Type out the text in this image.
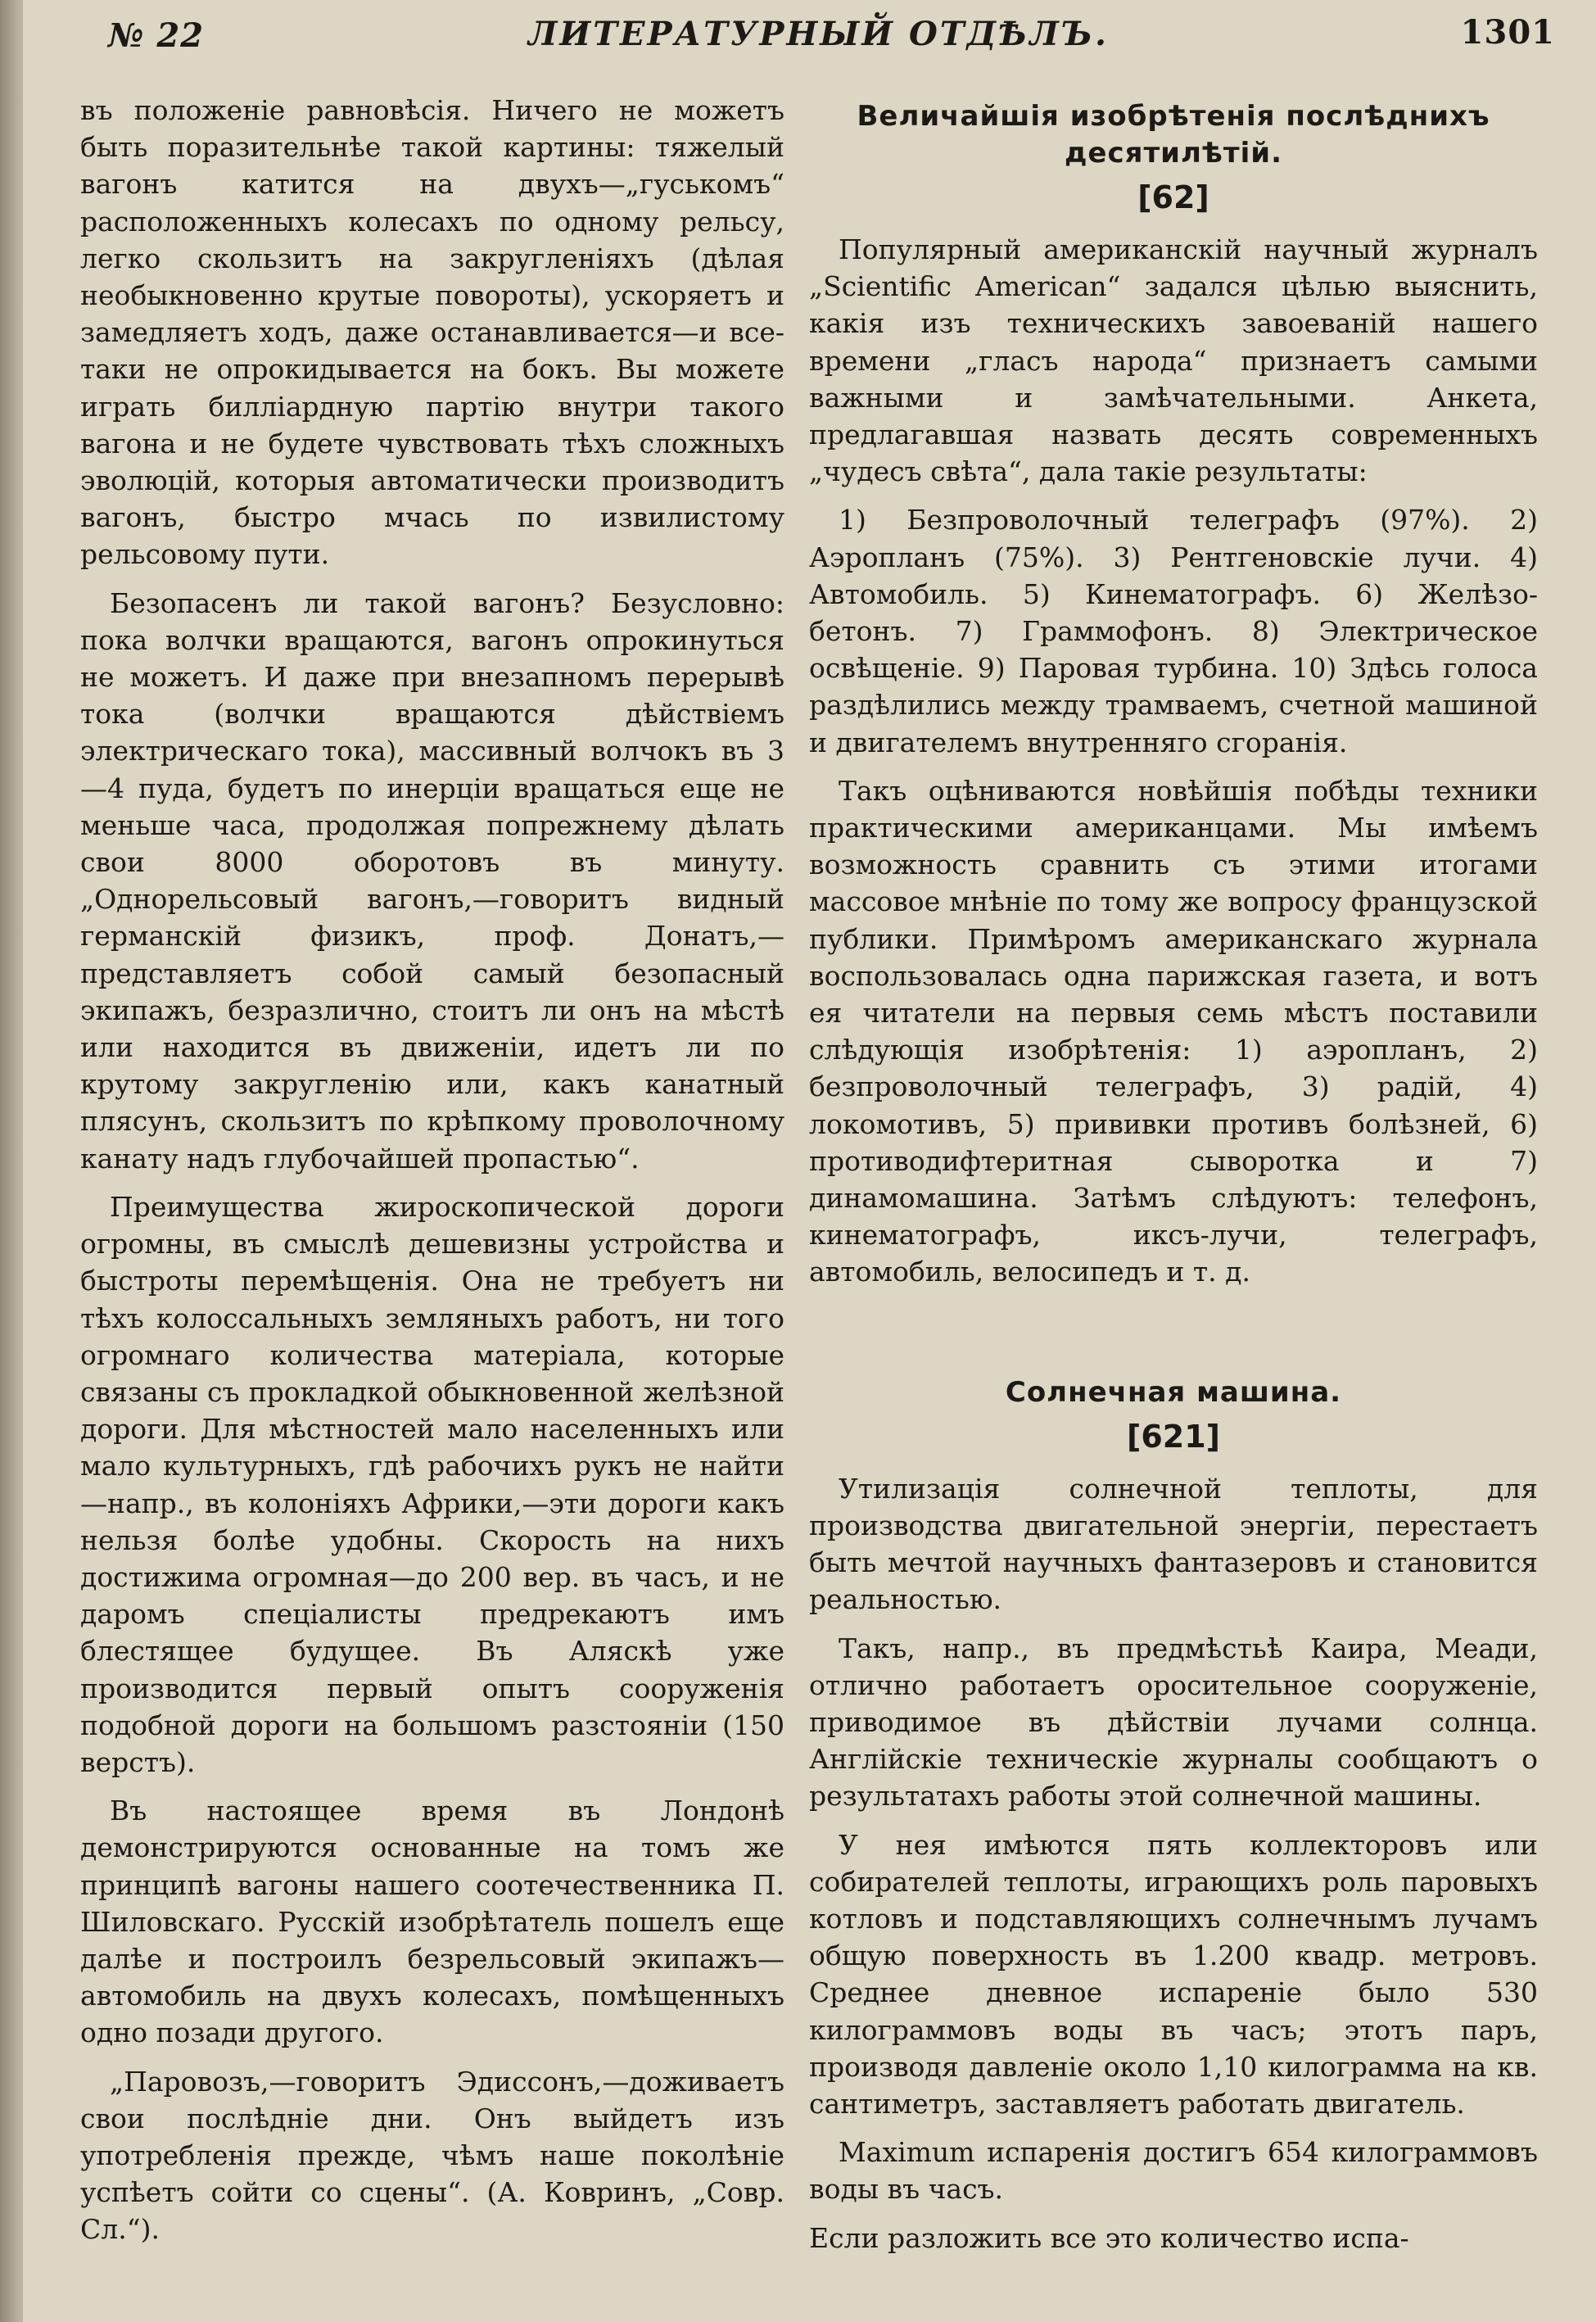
№ 22	ЛИТЕРАТУРНЫЙ ОТДѢЛЪ.	1301

въ положеніе равновѣсія. Ничего не можетъ быть поразительнѣе такой картины: тяжелый вагонъ катится на двухъ—„гуськомъ“ расположенныхъ колесахъ по одному рельсу, легко скользитъ на закругленіяхъ (дѣлая необыкновенно крутые повороты), ускоряетъ и замедляетъ ходъ, даже останавливается—и все-таки не опрокидывается на бокъ. Вы можете играть билліардную партію внутри такого вагона и не будете чувствовать тѣхъ сложныхъ эволюцій, которыя автоматически производитъ вагонъ, быстро мчась по извилистому рельсовому пути.

Безопасенъ ли такой вагонъ? Безусловно: пока волчки вращаются, вагонъ опрокинуться не можетъ. И даже при внезапномъ перерывѣ тока (волчки вращаются дѣйствіемъ электрическаго тока), массивный волчокъ въ 3—4 пуда, будетъ по инерціи вращаться еще не меньше часа, продолжая попрежнему дѣлать свои 8000 оборотовъ въ минуту. „Однорельсовый вагонъ,—говоритъ видный германскій физикъ, проф. Донатъ,—представляетъ собой самый безопасный экипажъ, безразлично, стоитъ ли онъ на мѣстѣ или находится въ движеніи, идетъ ли по крутому закругленію или, какъ канатный плясунъ, скользитъ по крѣпкому проволочному канату надъ глубочайшей пропастью“.

Преимущества жироскопической дороги огромны, въ смыслѣ дешевизны устройства и быстроты перемѣщенія. Она не требуетъ ни тѣхъ колоссальныхъ земляныхъ работъ, ни того огромнаго количества матеріала, которые связаны съ прокладкой обыкновенной желѣзной дороги. Для мѣстностей мало населенныхъ или мало культурныхъ, гдѣ рабочихъ рукъ не найти—напр., въ колоніяхъ Африки,—эти дороги какъ нельзя болѣе удобны. Скорость на нихъ достижима огромная—до 200 вер. въ часъ, и не даромъ спеціалисты предрекаютъ имъ блестящее будущее. Въ Аляскѣ уже производится первый опытъ сооруженія подобной дороги на большомъ разстояніи (150 верстъ).

Въ настоящее время въ Лондонѣ демонстрируются основанные на томъ же принципѣ вагоны нашего соотечественника П. Шиловскаго. Русскій изобрѣтатель пошелъ еще далѣе и построилъ безрельсовый экипажъ—автомобиль на двухъ колесахъ, помѣщенныхъ одно позади другого.

„Паровозъ,—говоритъ Эдиссонъ,—доживаетъ свои послѣдніе дни. Онъ выйдетъ изъ употребленія прежде, чѣмъ наше поколѣніе успѣетъ сойти со сцены“. (А. Ковринъ, „Совр. Сл.“).

Величайшія изобрѣтенія послѣднихъ десятилѣтій.
[62]

Популярный американскій научный журналъ „Scientific American“ задался цѣлью выяснить, какія изъ техническихъ завоеваній нашего времени „гласъ народа“ признаетъ самыми важными и замѣчательными. Анкета, предлагавшая назвать десять современныхъ „чудесъ свѣта“, дала такіе результаты:

1) Безпроволочный телеграфъ (97%). 2) Аэропланъ (75%). 3) Рентгеновскіе лучи. 4) Автомобиль. 5) Кинематографъ. 6) Желѣзо-бетонъ. 7) Граммофонъ. 8) Электрическое освѣщеніе. 9) Паровая турбина. 10) Здѣсь голоса раздѣлились между трамваемъ, счетной машиной и двигателемъ внутренняго сгоранія.

Такъ оцѣниваются новѣйшія побѣды техники практическими американцами. Мы имѣемъ возможность сравнить съ этими итогами массовое мнѣніе по тому же вопросу французской публики. Примѣромъ американскаго журнала воспользовалась одна парижская газета, и вотъ ея читатели на первыя семь мѣстъ поставили слѣдующія изобрѣтенія: 1) аэропланъ, 2) безпроволочный телеграфъ, 3) радій, 4) локомотивъ, 5) прививки противъ болѣзней, 6) противодифтеритная сыворотка и 7) динамомашина. Затѣмъ слѣдуютъ: телефонъ, кинематографъ, иксъ-лучи, телеграфъ, автомобиль, велосипедъ и т. д.

Солнечная машина.
[621]

Утилизація солнечной теплоты, для производства двигательной энергіи, перестаетъ быть мечтой научныхъ фантазеровъ и становится реальностью.

Такъ, напр., въ предмѣстьѣ Каира, Меади, отлично работаетъ оросительное сооруженіе, приводимое въ дѣйствіи лучами солнца. Англійскіе техническіе журналы сообщаютъ о результатахъ работы этой солнечной машины.

У нея имѣются пять коллекторовъ или собирателей теплоты, играющихъ роль паровыхъ котловъ и подставляющихъ солнечнымъ лучамъ общую поверхность въ 1.200 квадр. метровъ. Среднее дневное испареніе было 530 килограммовъ воды въ часъ; этотъ паръ, производя давленіе около 1,10 килограмма на кв. сантиметръ, заставляетъ работать двигатель.

Maximum испаренія достигъ 654 килограммовъ воды въ часъ.

Если разложить все это количество испа-
